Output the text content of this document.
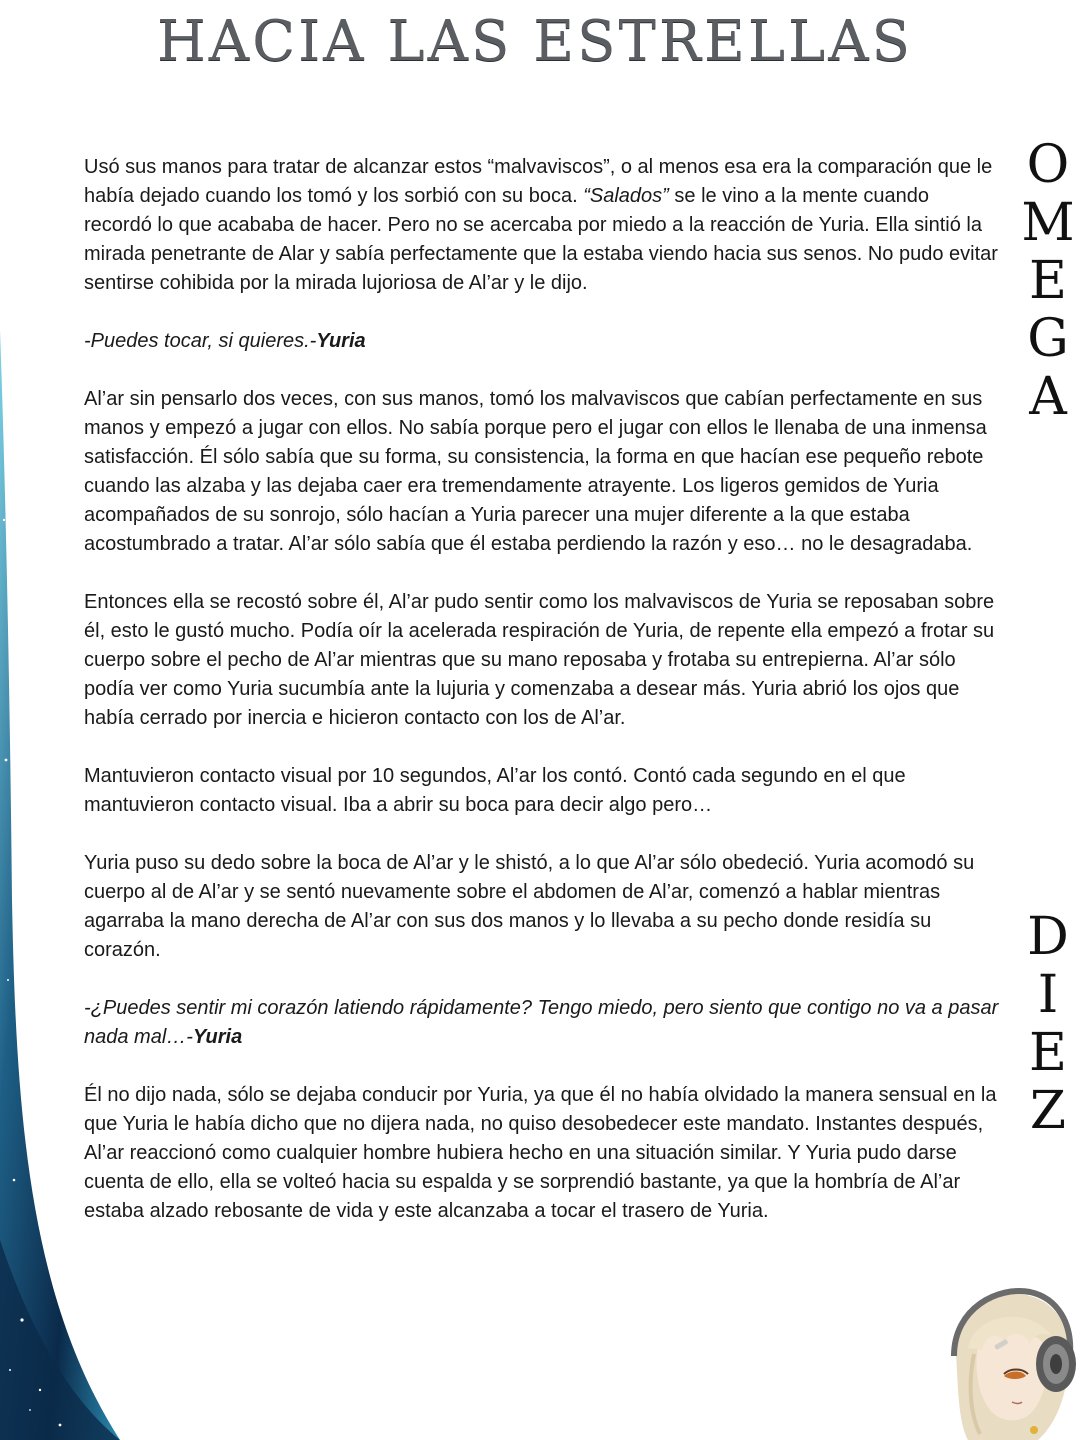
HACIA LAS ESTRELLAS

Usó sus manos para tratar de alcanzar estos “malvaviscos”, o al menos esa era la comparación que le había dejado cuando los tomó y los sorbió con su boca. “Salados” se le vino a la mente cuando recordó lo que acababa de hacer. Pero no se acercaba por miedo a la reacción de Yuria. Ella sintió la mirada penetrante de Alar y sabía perfectamente que la estaba viendo hacia sus senos. No pudo evitar sentirse cohibida por la mirada lujoriosa de Al’ar y le dijo.

-Puedes tocar, si quieres.-Yuria

Al’ar sin pensarlo dos veces, con sus manos, tomó los malvaviscos que cabían perfectamente en sus manos y empezó a jugar con ellos. No sabía porque pero el jugar con ellos le llenaba de una inmensa satisfacción. Él sólo sabía que su forma, su consistencia, la forma en que hacían ese pequeño rebote cuando las alzaba y las dejaba caer era tremendamente atrayente. Los ligeros gemidos de Yuria acompañados de su sonrojo, sólo hacían a Yuria parecer una mujer diferente a la que estaba acostumbrado a tratar. Al’ar sólo sabía que él estaba perdiendo la razón y eso… no le desagradaba.

Entonces ella se recostó sobre él, Al’ar pudo sentir como los malvaviscos de Yuria se reposaban sobre él, esto le gustó mucho. Podía oír la acelerada respiración de Yuria, de repente ella empezó a frotar su cuerpo sobre el pecho de Al’ar mientras que su mano reposaba y frotaba su entrepierna. Al’ar sólo podía ver como Yuria sucumbía ante la lujuria y comenzaba a desear más. Yuria abrió los ojos que había cerrado por inercia e hicieron contacto con los de Al’ar.

Mantuvieron contacto visual por 10 segundos, Al’ar los contó. Contó cada segundo en el que mantuvieron contacto visual. Iba a abrir su boca para decir algo pero…

Yuria puso su dedo sobre la boca de Al’ar y le shistó, a lo que Al’ar sólo obedeció. Yuria acomodó su cuerpo al de Al’ar y se sentó nuevamente sobre el abdomen de Al’ar, comenzó a hablar mientras agarraba la mano derecha de Al’ar con sus dos manos y lo llevaba a su pecho donde residía su corazón.

-¿Puedes sentir mi corazón latiendo rápidamente? Tengo miedo, pero siento que contigo no va a pasar nada mal…-Yuria

Él no dijo nada, sólo se dejaba conducir por Yuria, ya que él no había olvidado la manera sensual en la que Yuria le había dicho que no dijera nada, no quiso desobedecer este mandato. Instantes después, Al’ar reaccionó como cualquier hombre hubiera hecho en una situación similar. Y Yuria pudo darse cuenta de ello, ella se volteó hacia su espalda y se sorprendió bastante, ya que la hombría de Al’ar estaba alzado rebosante de vida y este alcanzaba a tocar el trasero de Yuria.

O
M
E
G
A
D
I
E
Z
